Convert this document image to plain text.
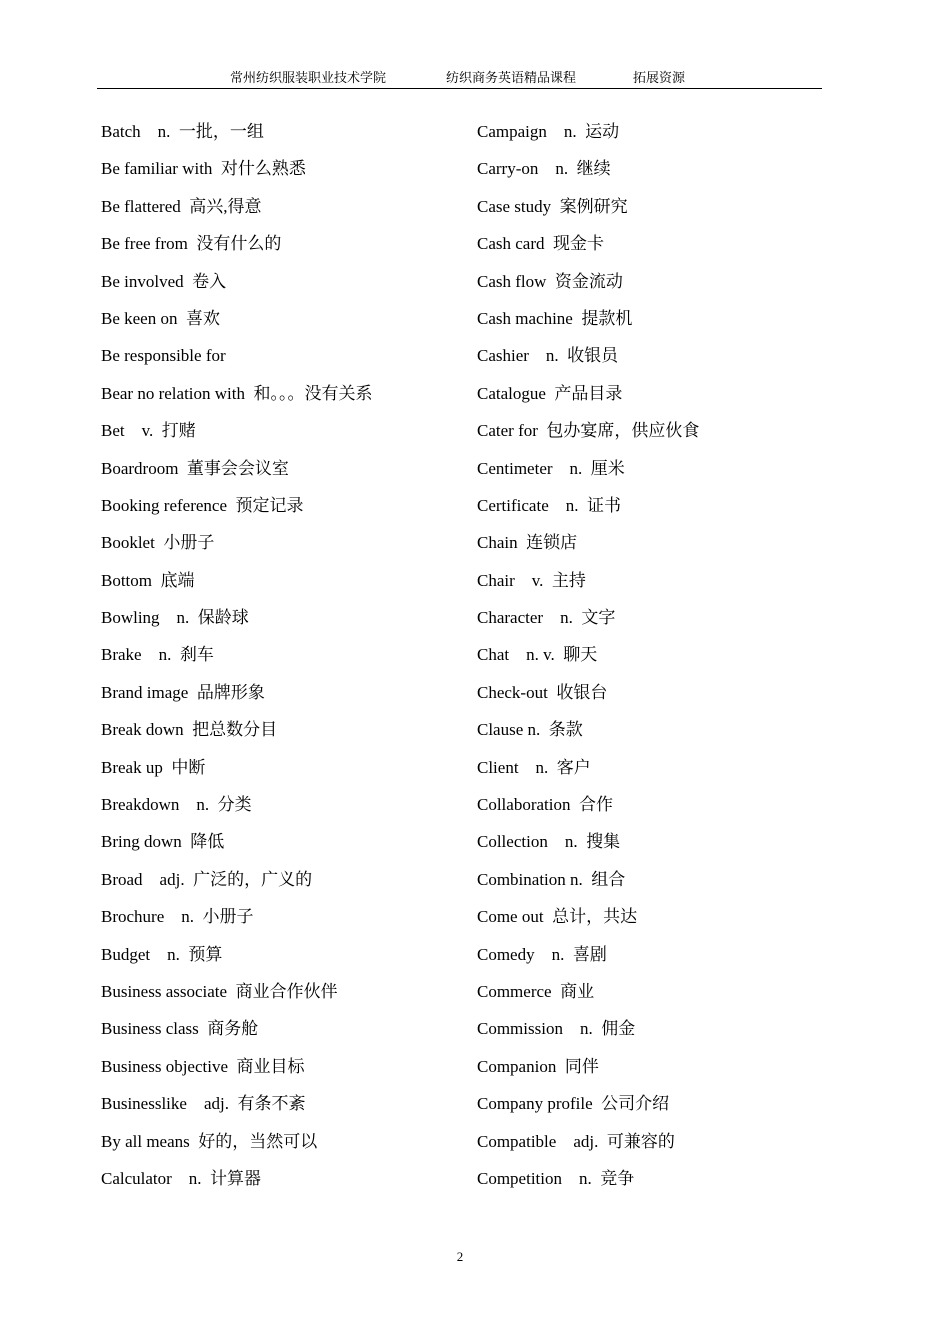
常州纺织服装职业技术学院	纺织商务英语精品课程	拓展资源
Batch    n.  一批，一组
Be familiar with  对什么熟悉
Be flattered  高兴,得意
Be free from  没有什么的
Be involved  卷入
Be keen on  喜欢
Be responsible for
Bear no relation with  和。。。没有关系
Bet    v.  打赌
Boardroom  董事会会议室
Booking reference  预定记录
Booklet  小册子
Bottom  底端
Bowling    n.  保龄球
Brake    n.  刹车
Brand image  品牌形象
Break down  把总数分目
Break up  中断
Breakdown    n.  分类
Bring down  降低
Broad    adj.  广泛的，广义的
Brochure    n.  小册子
Budget    n.  预算
Business associate  商业合作伙伴
Business class  商务舱
Business objective  商业目标
Businesslike    adj.  有条不紊
By all means  好的，当然可以
Calculator    n.  计算器
Campaign    n.  运动
Carry-on    n.  继续
Case study  案例研究
Cash card  现金卡
Cash flow  资金流动
Cash machine  提款机
Cashier    n.  收银员
Catalogue  产品目录
Cater for  包办宴席，供应伙食
Centimeter    n.  厘米
Certificate    n.  证书
Chain  连锁店
Chair    v.  主持
Character    n.  文字
Chat    n. v.  聊天
Check-out  收银台
Clause n.  条款
Client    n.  客户
Collaboration  合作
Collection    n.  搜集
Combination n.  组合
Come out  总计，共达
Comedy    n.  喜剧
Commerce  商业
Commission    n.  佣金
Companion  同伴
Company profile  公司介绍
Compatible    adj.  可兼容的
Competition    n.  竞争
2
